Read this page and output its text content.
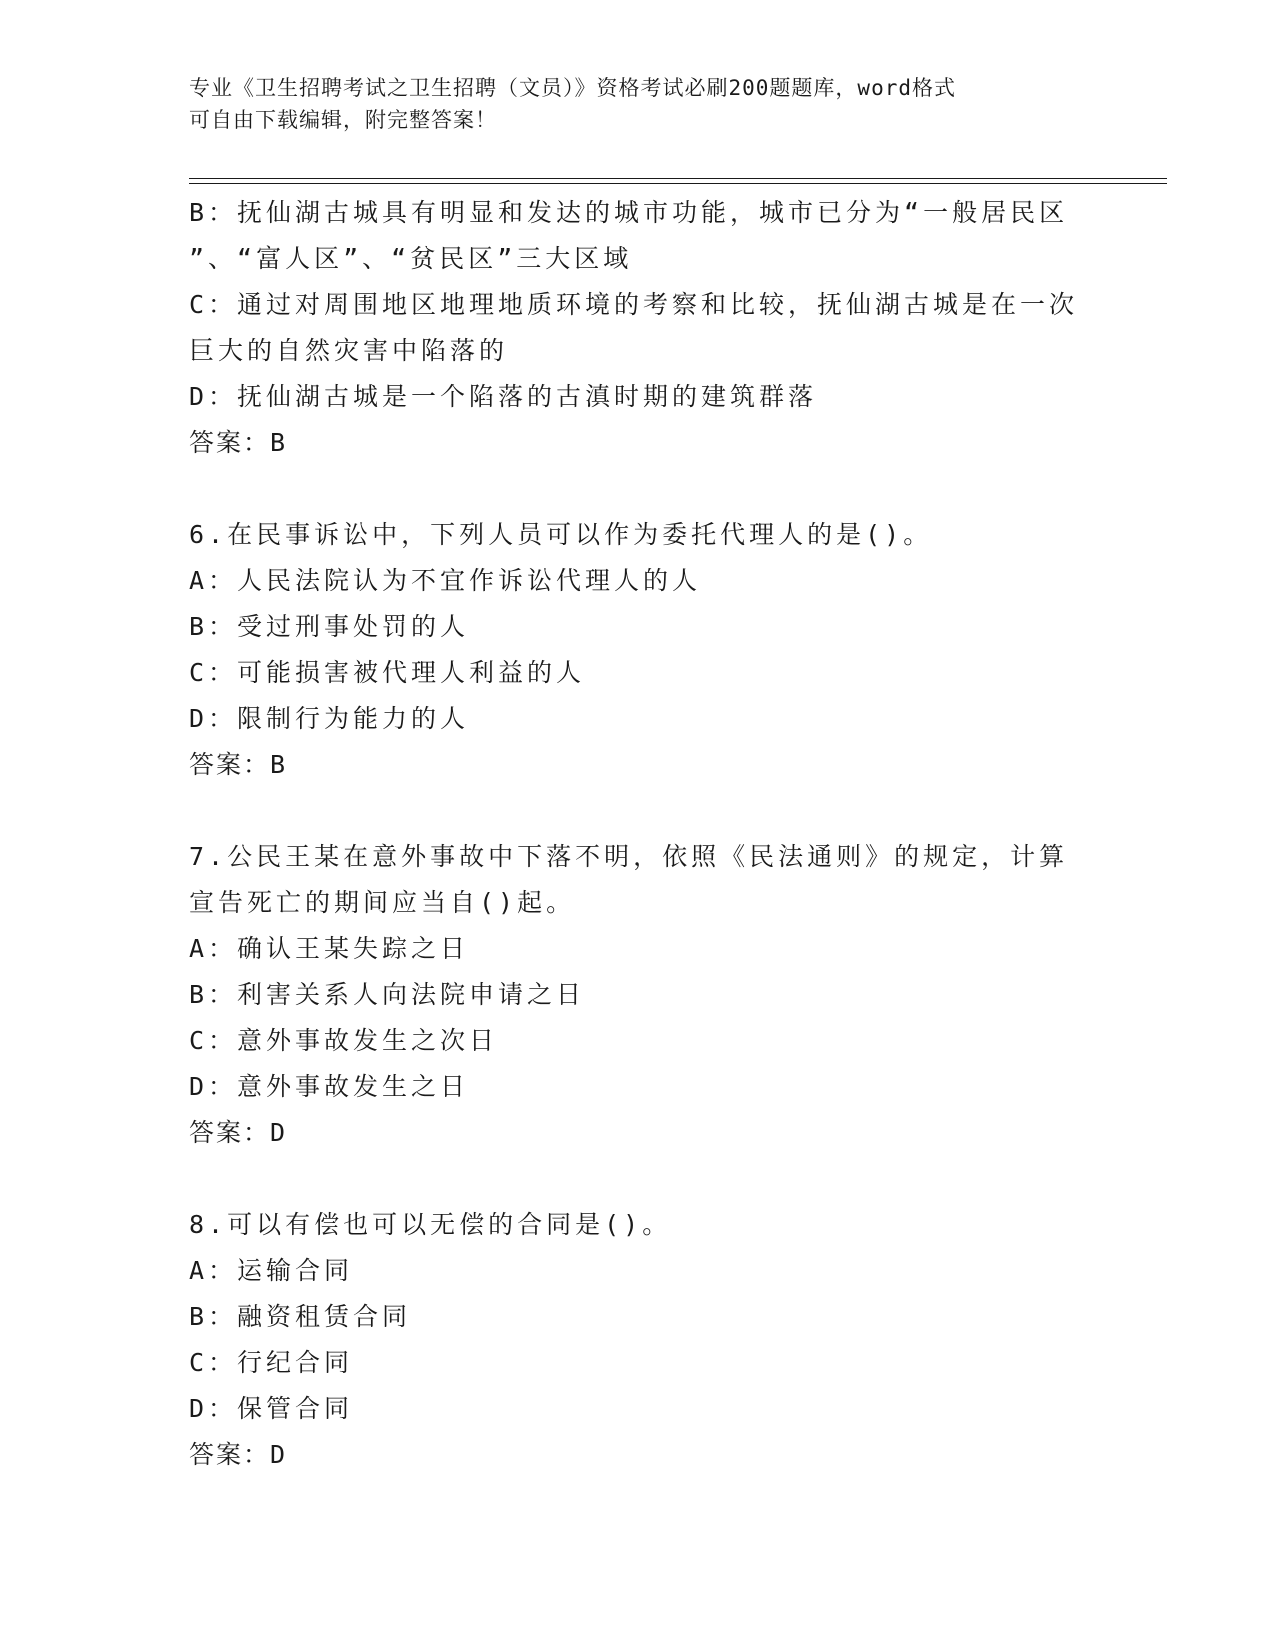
专业《卫生招聘考试之卫生招聘（文员）》资格考试必刷200题题库，word格式
可自由下载编辑，附完整答案！
B：抚仙湖古城具有明显和发达的城市功能，城市已分为“一般居民区
”、“富人区”、“贫民区”三大区域
C：通过对周围地区地理地质环境的考察和比较，抚仙湖古城是在一次
巨大的自然灾害中陷落的
D：抚仙湖古城是一个陷落的古滇时期的建筑群落
答案：B
6.在民事诉讼中，下列人员可以作为委托代理人的是()。
A：人民法院认为不宜作诉讼代理人的人
B：受过刑事处罚的人
C：可能损害被代理人利益的人
D：限制行为能力的人
答案：B
7.公民王某在意外事故中下落不明，依照《民法通则》的规定，计算
宣告死亡的期间应当自()起。
A：确认王某失踪之日
B：利害关系人向法院申请之日
C：意外事故发生之次日
D：意外事故发生之日
答案：D
8.可以有偿也可以无偿的合同是()。
A：运输合同
B：融资租赁合同
C：行纪合同
D：保管合同
答案：D
